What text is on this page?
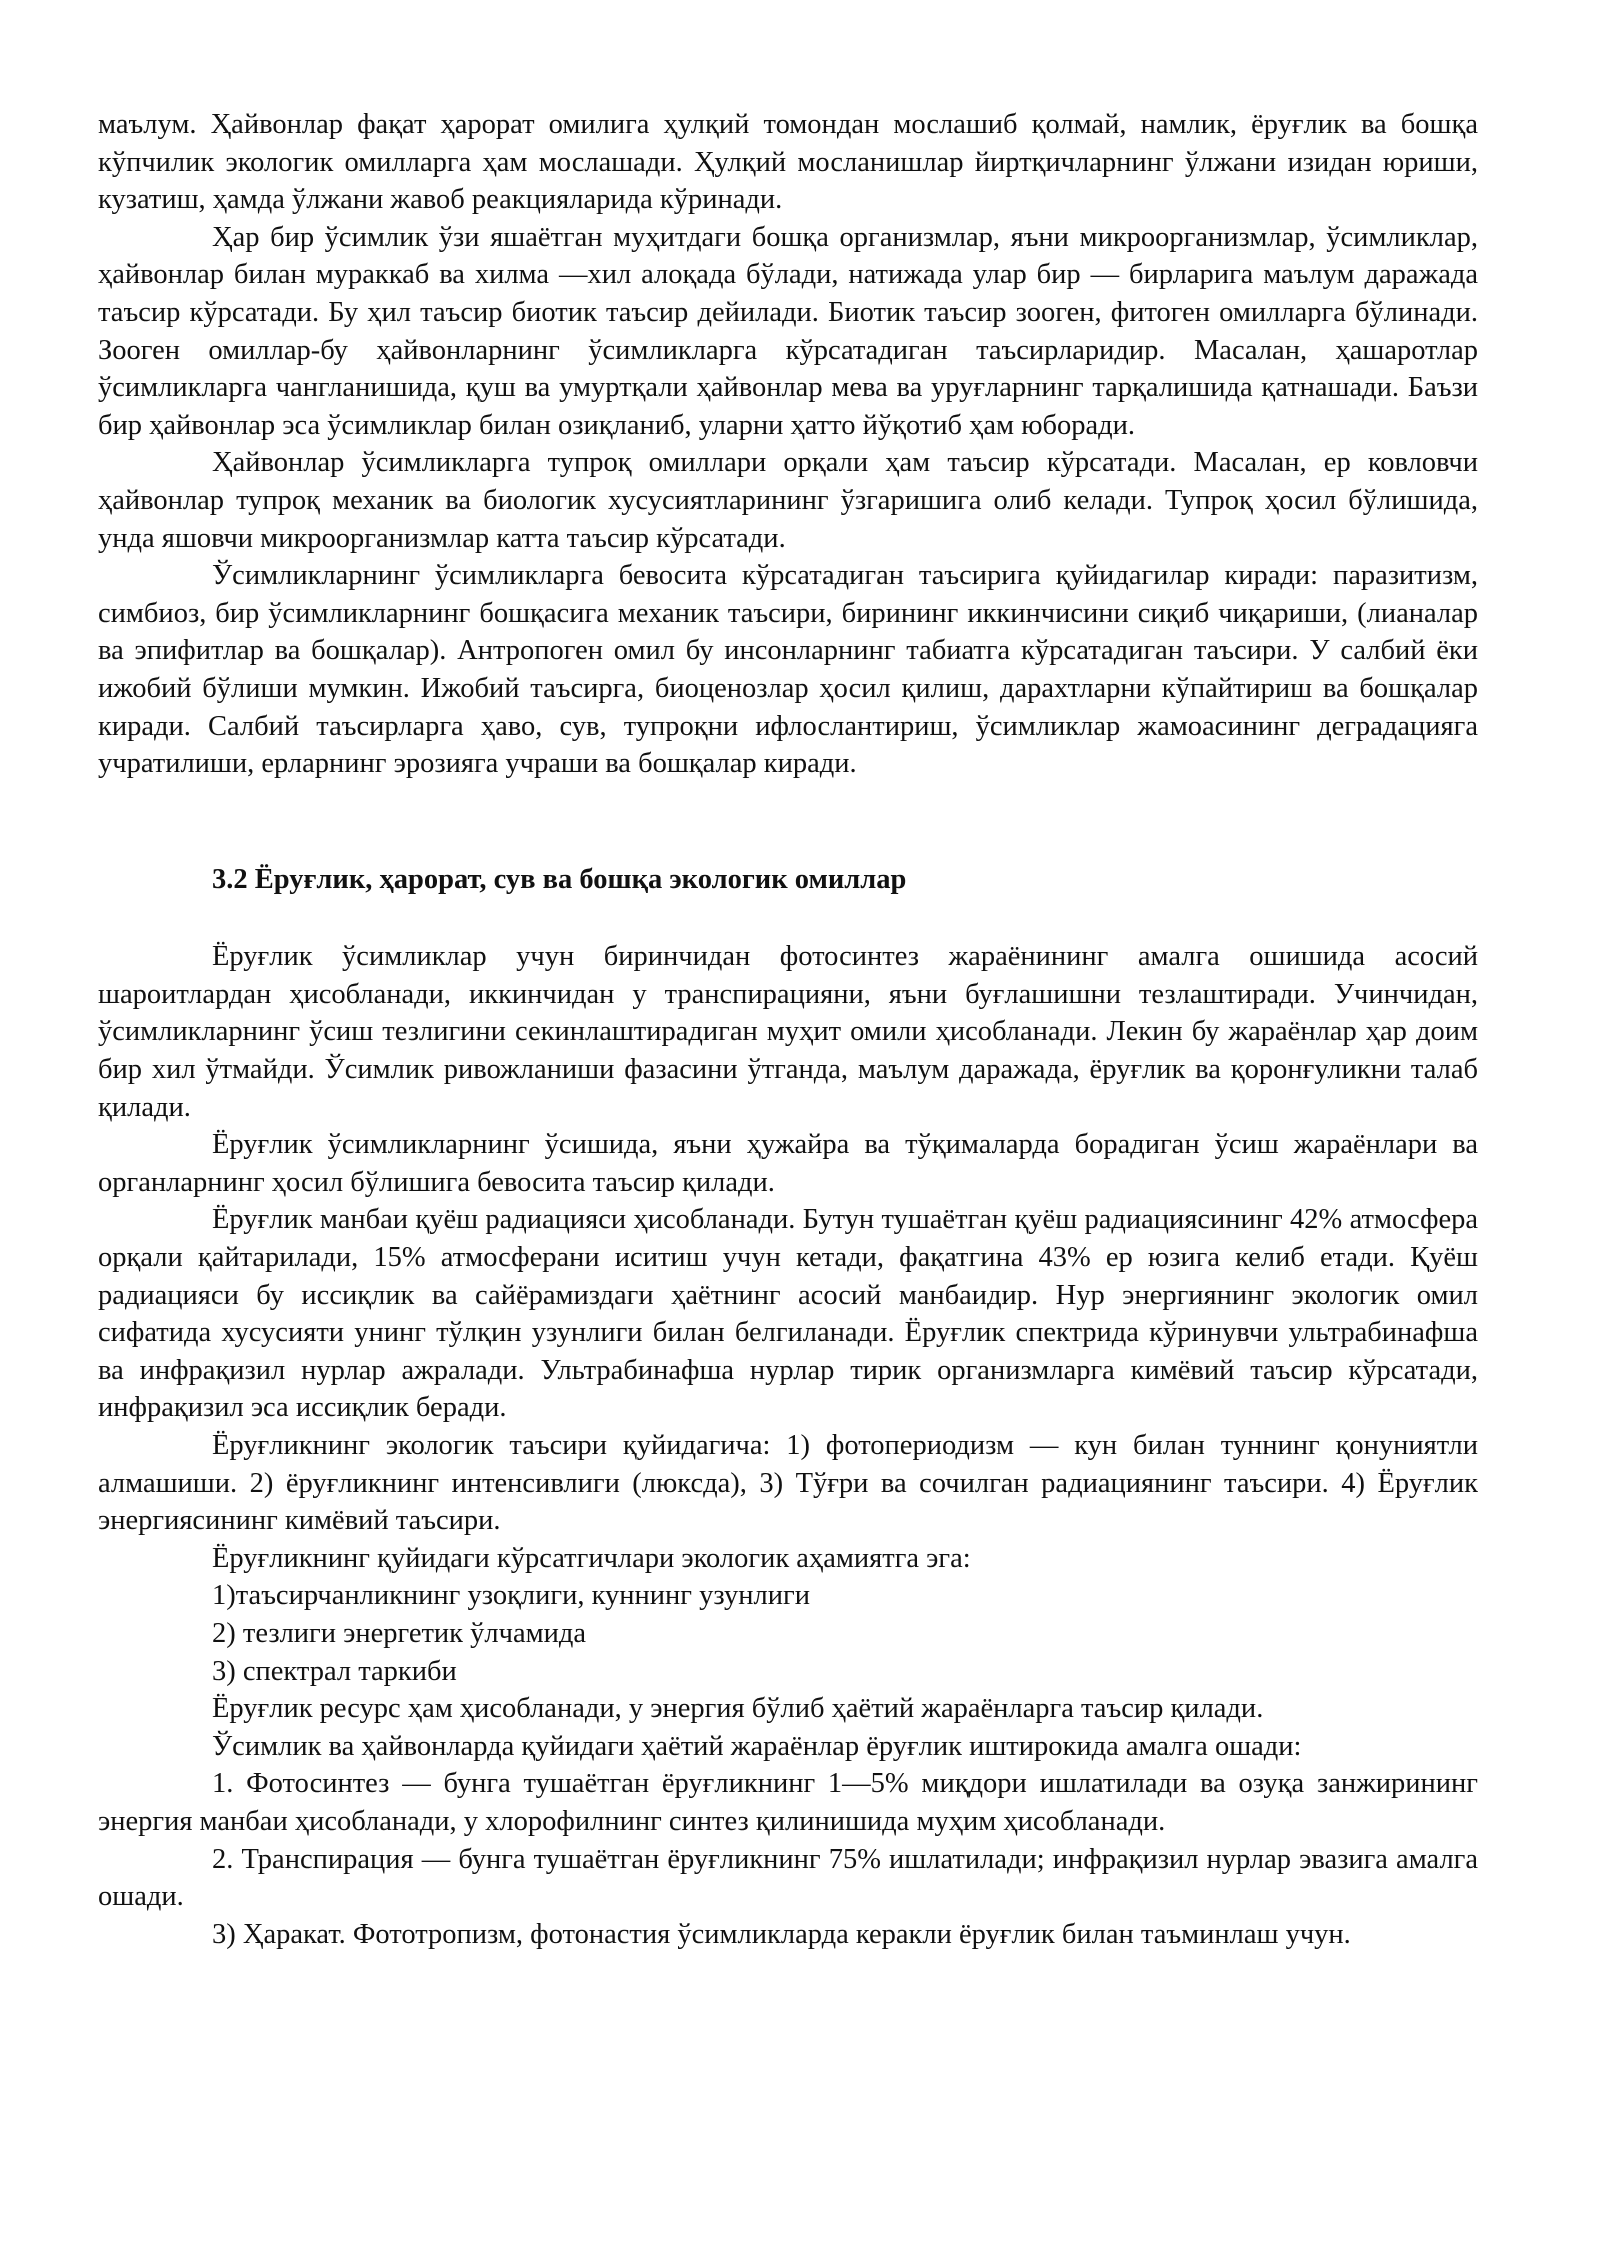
маълум. Ҳайвонлар фақат ҳарорат омилига ҳулқий томондан мослашиб қолмай, намлик, ёруғлик ва бошқа кўпчилик экологик омилларга ҳам мослашади. Ҳулқий мосланишлар йиртқичларнинг ўлжани изидан юриши, кузатиш, ҳамда ўлжани жавоб реакцияларида кўринади.

Ҳар бир ўсимлик ўзи яшаётган муҳитдаги бошқа организмлар, яъни микроорганизмлар, ўсимликлар, ҳайвонлар билан мураккаб ва хилма —хил алоқада бўлади, натижада улар бир — бирларига маълум даражада таъсир кўрсатади. Бу ҳил таъсир биотик таъсир дейилади. Биотик таъсир зооген, фитоген омилларга бўлинади. Зооген омиллар-бу ҳайвонларнинг ўсимликларга кўрсатадиган таъсирларидир. Масалан, ҳашаротлар ўсимликларга чангланишида, қуш ва умуртқали ҳайвонлар мева ва уруғларнинг тарқалишида қатнашади. Баъзи бир ҳайвонлар эса ўсимликлар билан озиқланиб, уларни ҳатто йўқотиб ҳам юборади.

Ҳайвонлар ўсимликларга тупроқ омиллари орқали ҳам таъсир кўрсатади. Масалан, ер ковловчи ҳайвонлар тупроқ механик ва биологик хусусиятларининг ўзгаришига олиб келади. Тупроқ ҳосил бўлишида, унда яшовчи микроорганизмлар катта таъсир кўрсатади.

Ўсимликларнинг ўсимликларга бевосита кўрсатадиган таъсирига қуйидагилар киради: паразитизм, симбиоз, бир ўсимликларнинг бошқасига механик таъсири, бирининг иккинчисини сиқиб чиқариши, (лианалар ва эпифитлар ва бошқалар). Антропоген омил бу инсонларнинг табиатга кўрсатадиган таъсири. У салбий ёки ижобий бўлиши мумкин. Ижобий таъсирга, биоценозлар ҳосил қилиш, дарахтларни кўпайтириш ва бошқалар киради. Салбий таъсирларга ҳаво, сув, тупроқни ифлослантириш, ўсимликлар жамоасининг деградацияга учратилиши, ерларнинг эрозияга учраши ва бошқалар киради.

3.2 Ёруғлик, ҳарорат, сув ва бошқа экологик омиллар

Ёруғлик ўсимликлар учун биринчидан фотосинтез жараёнининг амалга ошишида асосий шароитлардан ҳисобланади, иккинчидан у транспирацияни, яъни буғлашишни тезлаштиради. Учинчидан, ўсимликларнинг ўсиш тезлигини секинлаштирадиган муҳит омили ҳисобланади. Лекин бу жараёнлар ҳар доим бир хил ўтмайди. Ўсимлик ривожланиши фазасини ўтганда, маълум даражада, ёруғлик ва қоронғуликни талаб қилади.

Ёруғлик ўсимликларнинг ўсишида, яъни ҳужайра ва тўқималарда борадиган ўсиш жараёнлари ва органларнинг ҳосил бўлишига бевосита таъсир қилади.

Ёруғлик манбаи қуёш радиацияси ҳисобланади. Бутун тушаётган қуёш радиациясининг 42% атмосфера орқали қайтарилади, 15% атмосферани иситиш учун кетади, фақатгина 43% ер юзига келиб етади. Қуёш радиацияси бу иссиқлик ва сайёрамиздаги ҳаётнинг асосий манбаидир. Нур энергиянинг экологик омил сифатида хусусияти унинг тўлқин узунлиги билан белгиланади. Ёруғлик спектрида кўринувчи ультрабинафша ва инфрақизил нурлар ажралади. Ультрабинафша нурлар тирик организмларга кимёвий таъсир кўрсатади, инфрақизил эса иссиқлик беради.

Ёруғликнинг экологик таъсири қуйидагича: 1) фотопериодизм — кун билан туннинг қонуниятли алмашиши. 2) ёруғликнинг интенсивлиги (люксда), 3) Тўғри ва сочилган радиациянинг таъсири. 4) Ёруғлик энергиясининг кимёвий таъсири.

Ёруғликнинг қуйидаги кўрсатгичлари экологик аҳамиятга эга:

1)таъсирчанликнинг узоқлиги, куннинг узунлиги

2) тезлиги энергетик ўлчамида

3) спектрал таркиби

Ёруғлик ресурс ҳам ҳисобланади, у энергия бўлиб ҳаётий жараёнларга таъсир қилади.

Ўсимлик ва ҳайвонларда қуйидаги ҳаётий жараёнлар ёруғлик иштирокида амалга ошади:

1. Фотосинтез — бунга тушаётган ёруғликнинг 1—5% миқдори ишлатилади ва озуқа занжирининг энергия манбаи ҳисобланади, у хлорофилнинг синтез қилинишида муҳим ҳисобланади.

2. Транспирация — бунга тушаётган ёруғликнинг 75% ишлатилади; инфрақизил нурлар эвазига амалга ошади.

3) Ҳаракат. Фототропизм, фотонастия ўсимликларда керакли ёруғлик билан таъминлаш учун.
